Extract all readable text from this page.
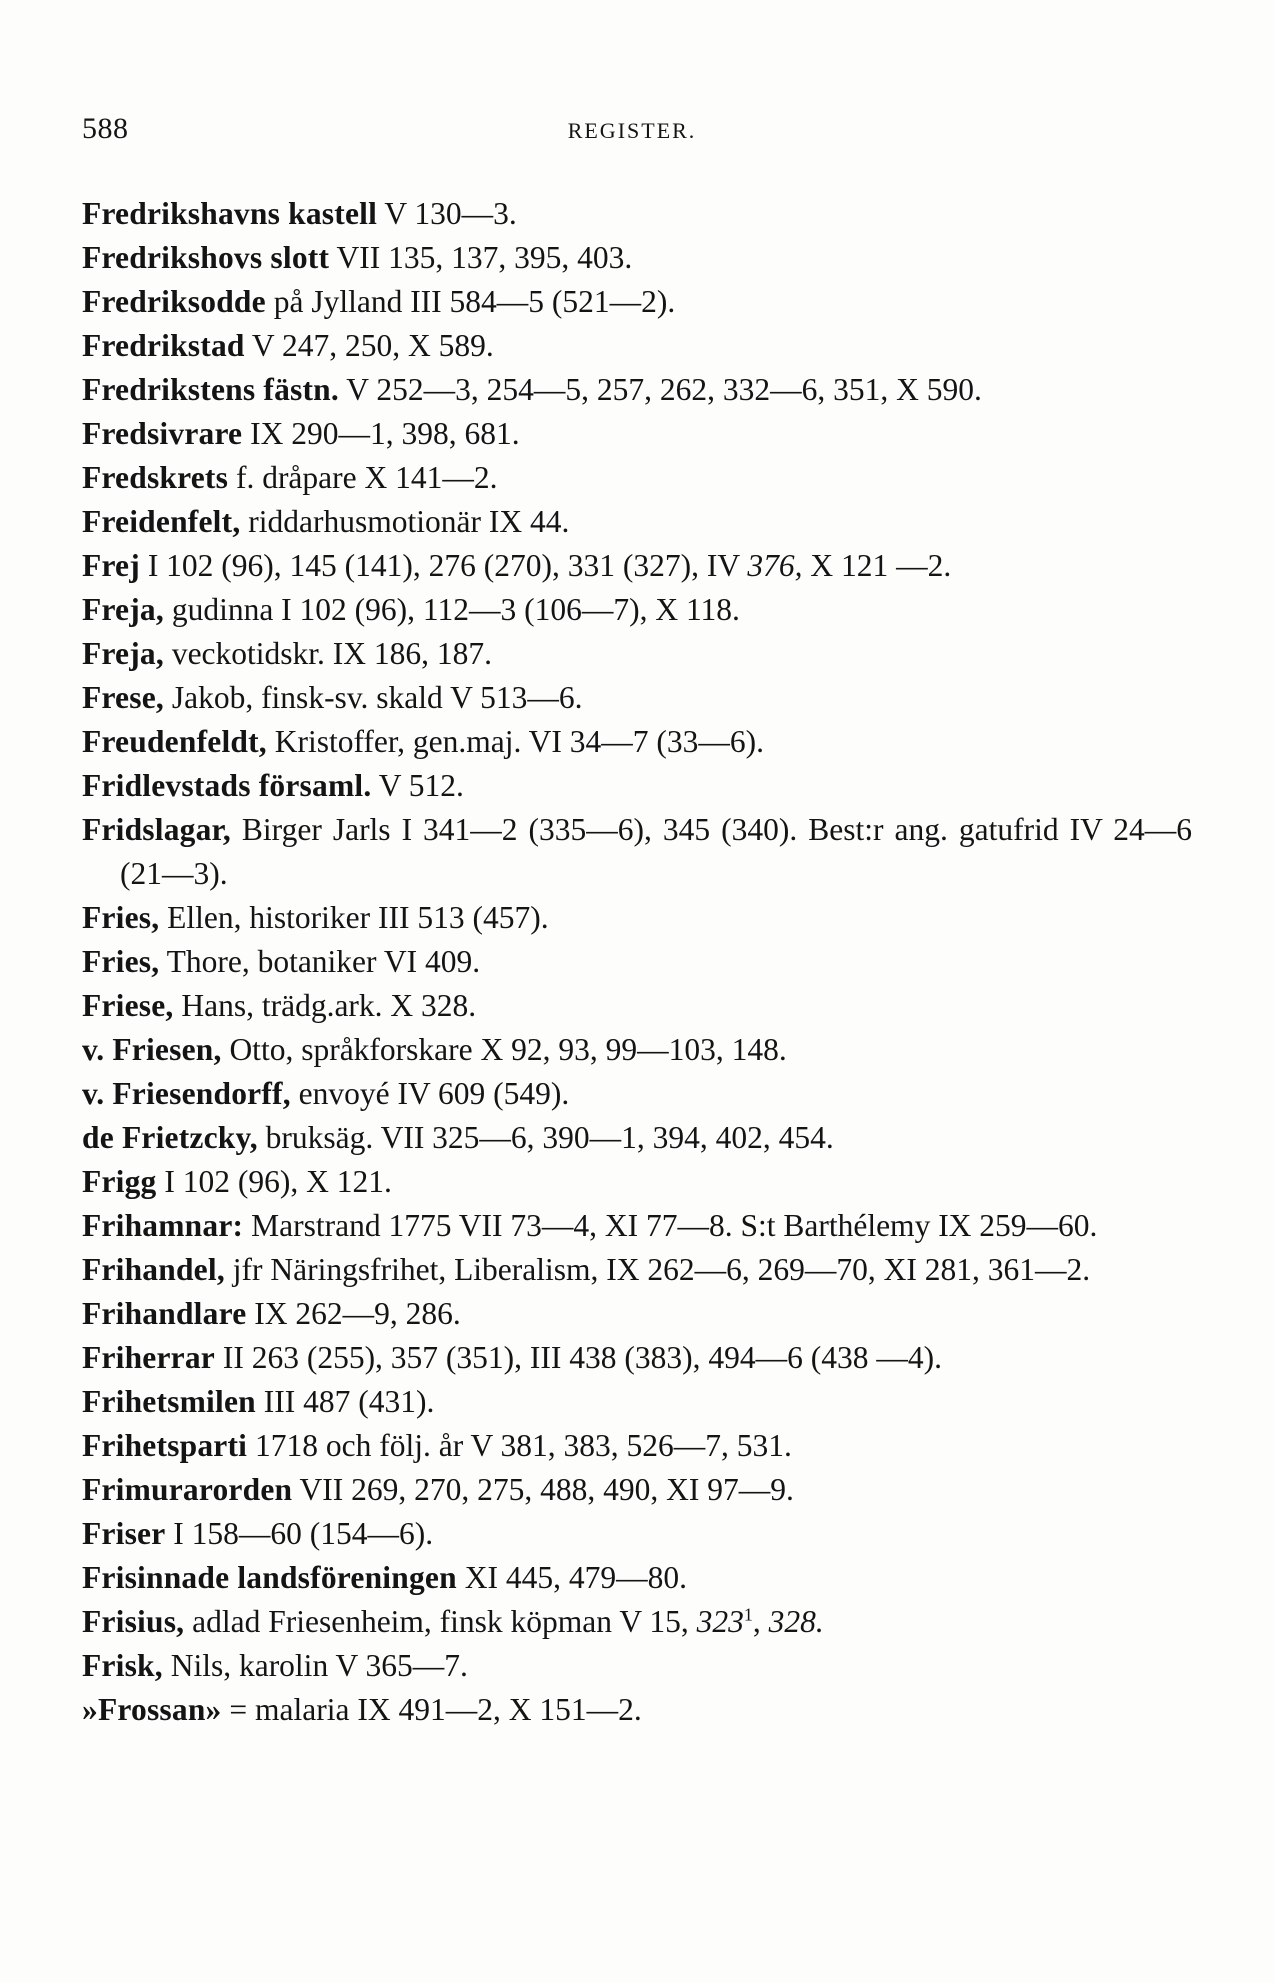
588	REGISTER.

Fredrikshavns kastell V 130—3.

Fredrikshovs slott VII 135, 137, 395, 403.

Fredriksodde på Jylland III 584—5 (521—2).

Fredrikstad V 247, 250, X 589.

Fredrikstens fästn. V 252—3, 254—5, 257, 262, 332—6, 351, X 590.

Fredsivrare IX 290—1, 398, 681.

Fredskrets f. dråpare X 141—2.

Freidenfelt, riddarhusmotionär IX 44.

Frej I 102 (96), 145 (141), 276 (270), 331 (327), IV 376, X 121 —2.

Freja, gudinna I 102 (96), 112—3 (106—7), X 118.

Freja, veckotidskr. IX 186, 187.

Frese, Jakob, finsk-sv. skald V 513—6.

Freudenfeldt, Kristoffer, gen.maj. VI 34—7 (33—6).

Fridlevstads församl. V 512.

Fridslagar, Birger Jarls I 341—2 (335—6), 345 (340). Best:r ang. gatufrid IV 24—6 (21—3).

Fries, Ellen, historiker III 513 (457).

Fries, Thore, botaniker VI 409.

Friese, Hans, trädg.ark. X 328.

v. Friesen, Otto, språkforskare X 92, 93, 99—103, 148.

v. Friesendorff, envoyé IV 609 (549).

de Frietzcky, bruksäg. VII 325—6, 390—1, 394, 402, 454.

Frigg I 102 (96), X 121.

Frihamnar: Marstrand 1775 VII 73—4, XI 77—8. S:t Barthélemy IX 259—60.

Frihandel, jfr Näringsfrihet, Liberalism, IX 262—6, 269—70, XI 281, 361—2.

Frihandlare IX 262—9, 286.

Friherrar II 263 (255), 357 (351), III 438 (383), 494—6 (438 —4).

Frihetsmilen III 487 (431).

Frihetsparti 1718 och följ. år V 381, 383, 526—7, 531.

Frimurarorden VII 269, 270, 275, 488, 490, XI 97—9.

Friser I 158—60 (154—6).

Frisinnade landsföreningen XI 445, 479—80.

Frisius, adlad Friesenheim, finsk köpman V 15, $323^1$, 328.

Frisk, Nils, karolin V 365—7.

»Frossan» = malaria IX 491—2, X 151—2.
